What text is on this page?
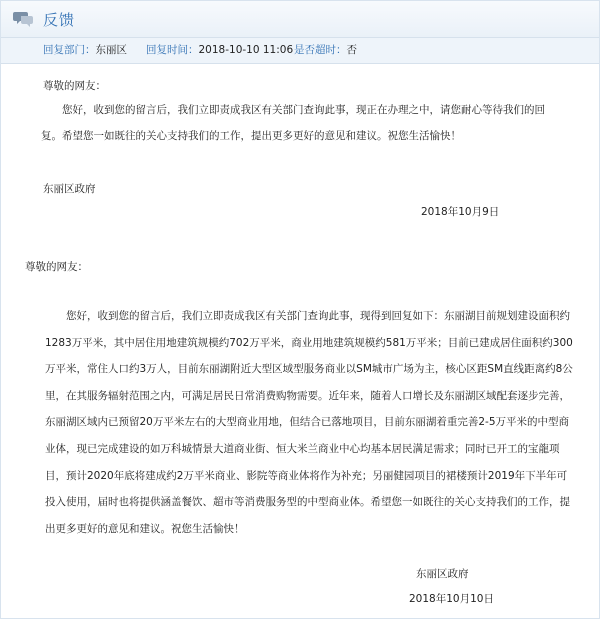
反馈
回复部门：东丽区 回复时间：2018-10-10 11:06 是否超时：否

尊敬的网友：

您好，收到您的留言后，我们立即责成我区有关部门查询此事，现正在办理之中，请您耐心等待我们的回复。希望您一如既往的关心支持我们的工作，提出更多更好的意见和建议。祝您生活愉快！

东丽区政府

2018年10月9日

尊敬的网友：

您好，收到您的留言后，我们立即责成我区有关部门查询此事，现得到回复如下：东丽湖目前规划建设面积约1283万平米，其中居住用地建筑规模约702万平米，商业用地建筑规模约581万平米；目前已建成居住面积约300万平米，常住人口约3万人，目前东丽湖附近大型区域型服务商业以SM城市广场为主，核心区距SM直线距离约8公里，在其服务辐射范围之内，可满足居民日常消费购物需要。近年来，随着人口增长及东丽湖区域配套逐步完善，东丽湖区域内已预留20万平米左右的大型商业用地，但结合已落地项目，目前东丽湖着重完善2-5万平米的中型商业体，现已完成建设的如万科城情景大道商业街、恒大米兰商业中心均基本居民满足需求；同时已开工的宝龍项目，预计2020年底将建成约2万平米商业、影院等商业体将作为补充；另丽健园项目的裙楼预计2019年下半年可投入使用，届时也将提供涵盖餐饮、超市等消费服务型的中型商业体。希望您一如既往的关心支持我们的工作，提出更多更好的意见和建议。祝您生活愉快！

东丽区政府

2018年10月10日
